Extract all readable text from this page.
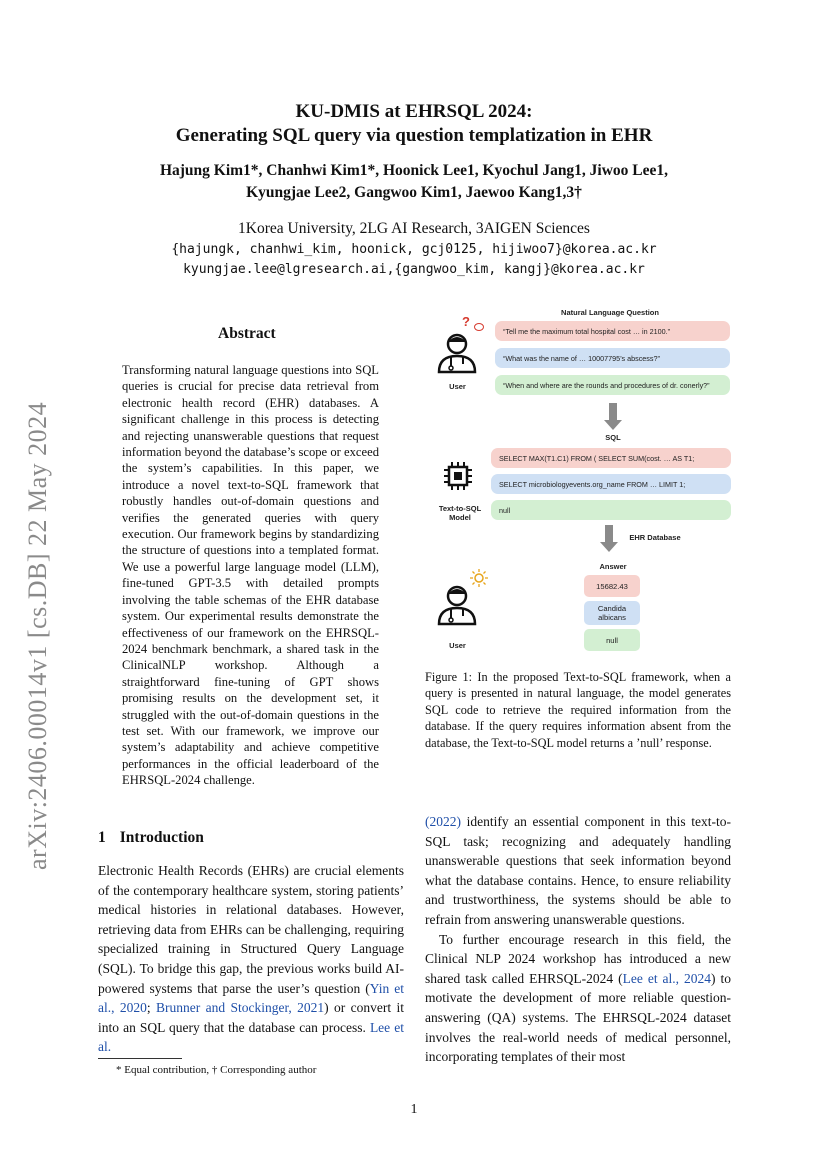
KU-DMIS at EHRSQL 2024:
Generating SQL query via question templatization in EHR
Hajung Kim1*, Chanhwi Kim1*, Hoonick Lee1, Kyochul Jang1, Jiwoo Lee1,
Kyungjae Lee2, Gangwoo Kim1, Jaewoo Kang1,3†
1Korea University, 2LG AI Research, 3AIGEN Sciences
{hajungk, chanhwi_kim, hoonick, gcj0125, hijiwoo7}@korea.ac.kr
kyungjae.lee@lgresearch.ai,{gangwoo_kim, kangj}@korea.ac.kr
arXiv:2406.00014v1 [cs.DB] 22 May 2024
Abstract

Transforming natural language questions into SQL queries is crucial for precise data retrieval from electronic health record (EHR) databases. A significant challenge in this process is detecting and rejecting unanswerable questions that request information beyond the database’s scope or exceed the system’s capabilities. In this paper, we introduce a novel text-to-SQL framework that robustly handles out-of-domain questions and verifies the generated queries with query execution. Our framework begins by standardizing the structure of questions into a templated format. We use a powerful large language model (LLM), fine-tuned GPT-3.5 with detailed prompts involving the table schemas of the EHR database system. Our experimental results demonstrate the effectiveness of our framework on the EHRSQL-2024 benchmark benchmark, a shared task in the ClinicalNLP workshop. Although a straightforward fine-tuning of GPT shows promising results on the development set, it struggled with the out-of-domain questions in the test set. With our framework, we improve our system’s adaptability and achieve competitive performances in the official leaderboard of the EHRSQL-2024 challenge.

1 Introduction

Electronic Health Records (EHRs) are crucial elements of the contemporary healthcare system, storing patients’ medical histories in relational databases. However, retrieving data from EHRs can be challenging, requiring specialized training in Structured Query Language (SQL). To bridge this gap, the previous works build AI-powered systems that parse the user’s question (Yin et al., 2020; Brunner and Stockinger, 2021) or convert it into an SQL query that the database can process. Lee et al.

* Equal contribution, † Corresponding author
1
Natural Language Question
?
User
“Tell me the maximum total hospital cost … in 2100.”
“What was the name of … 10007795’s abscess?”
“When and where are the rounds and procedures of dr. conerly?”
SQL
Text-to-SQL
Model
SELECT MAX(T1.C1) FROM ( SELECT SUM(cost. … AS T1;
SELECT microbiologyevents.org_name FROM … LIMIT 1;
null
EHR Database
Answer
User
15682.43
Candida albicans
null
Figure 1: In the proposed Text-to-SQL framework, when a query is presented in natural language, the model generates SQL code to retrieve the required information from the database. If the query requires information absent from the database, the Text-to-SQL model returns a ’null’ response.

(2022) identify an essential component in this text-to-SQL task; recognizing and adequately handling unanswerable questions that seek information beyond what the database contains. Hence, to ensure reliability and trustworthiness, the systems should be able to refrain from answering unanswerable questions.

To further encourage research in this field, the Clinical NLP 2024 workshop has introduced a new shared task called EHRSQL-2024 (Lee et al., 2024) to motivate the development of more reliable question-answering (QA) systems. The EHRSQL-2024 dataset involves the real-world needs of medical personnel, incorporating templates of their most
